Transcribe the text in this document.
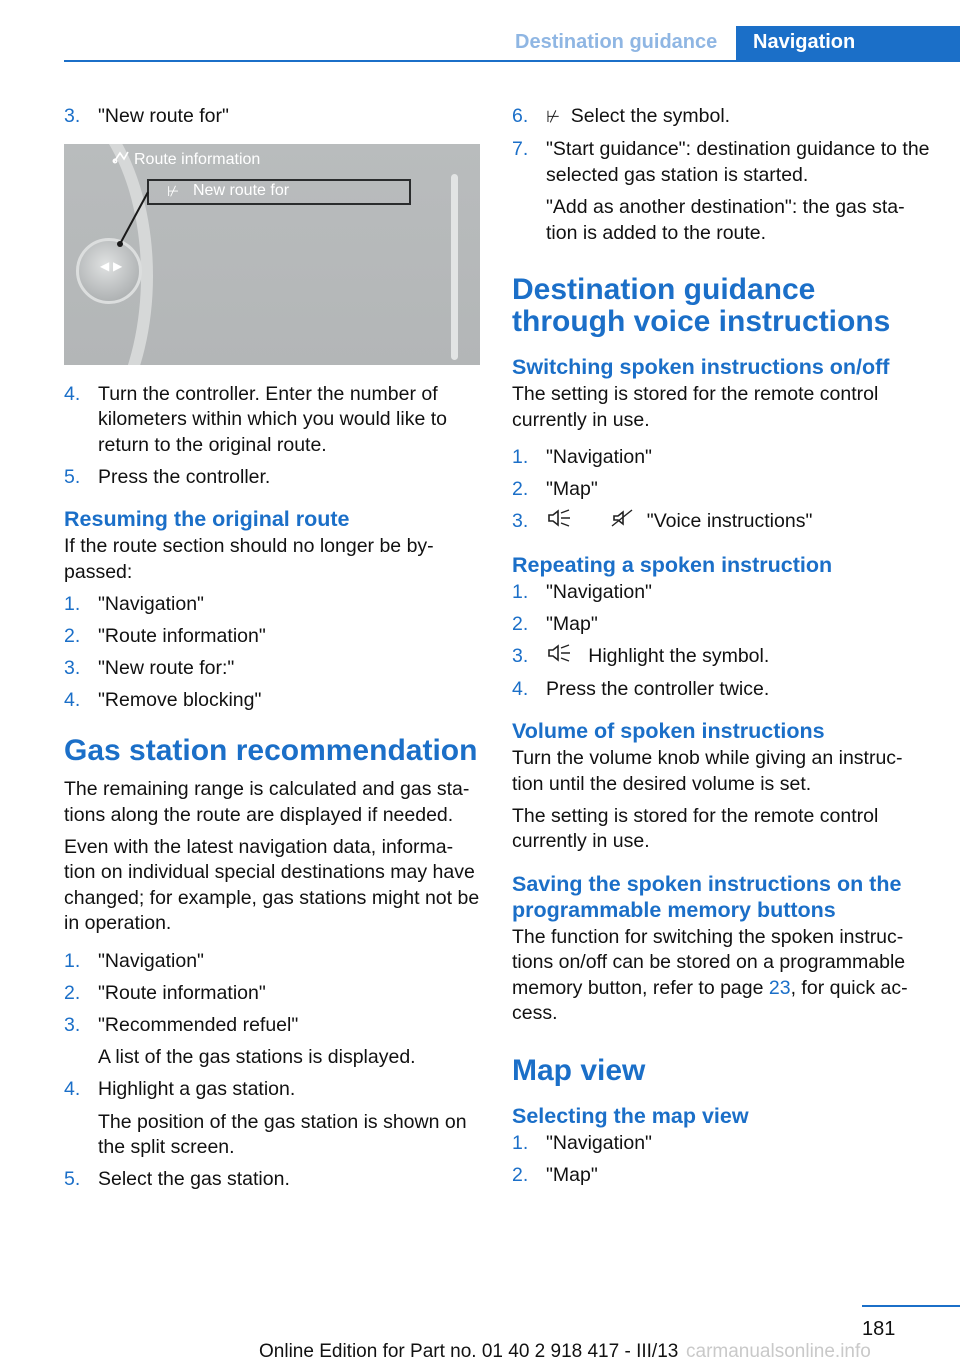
Destination guidance Navigation
3. "New route for"
Route information
⊬ New route for
◀ ▶
4. Turn the controller. Enter the number of kilometers within which you would like to return to the original route.
5. Press the controller.
Resuming the original route

If the route section should no longer be by-passed:

1. "Navigation"
2. "Route information"
3. "New route for:"
4. "Remove blocking"
Gas station recommendation

The remaining range is calculated and gas sta-tions along the route are displayed if needed.

Even with the latest navigation data, informa-tion on individual special destinations may have changed; for example, gas stations might not be in operation.

1. "Navigation"
2. "Route information"
3. "Recommended refuel"
A list of the gas stations is displayed.
4. Highlight a gas station.
The position of the gas station is shown on the split screen.
5. Select the gas station.
6. ⊬ Select the symbol.
7. "Start guidance": destination guidance to the selected gas station is started.
"Add as another destination": the gas sta-tion is added to the route.
Destination guidance through voice instructions
Switching spoken instructions on/off

The setting is stored for the remote control currently in use.

1. "Navigation"
2. "Map"
3.	"Voice instructions"
Repeating a spoken instruction
1. "Navigation"
2. "Map"
3.	Highlight the symbol.
4. Press the controller twice.
Volume of spoken instructions

Turn the volume knob while giving an instruc-tion until the desired volume is set.

The setting is stored for the remote control currently in use.

Saving the spoken instructions on the programmable memory buttons

The function for switching the spoken instruc-tions on/off can be stored on a programmable memory button, refer to page 23, for quick ac-cess.

Map view
Selecting the map view
1. "Navigation"
2. "Map"
181
Online Edition for Part no. 01 40 2 918 417 - III/13 carmanualsonline.info
